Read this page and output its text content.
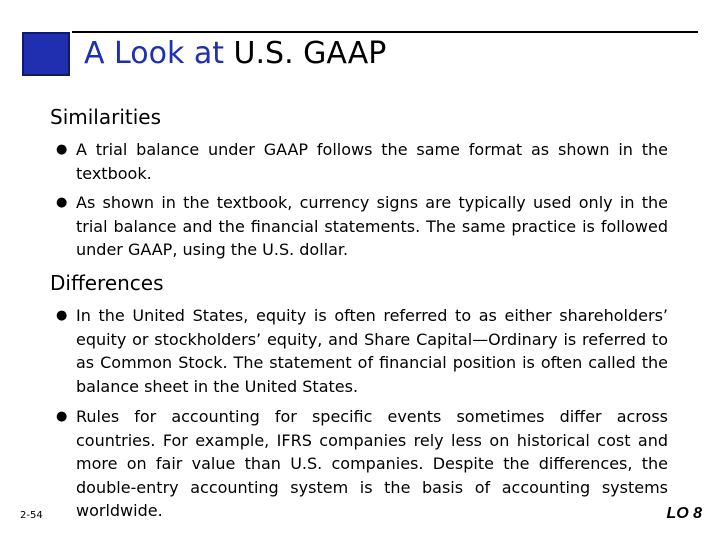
A Look at U.S. GAAP
Similarities
● A trial balance under GAAP follows the same format as shown in the textbook.
● As shown in the textbook, currency signs are typically used only in the trial balance and the financial statements. The same practice is followed under GAAP, using the U.S. dollar.
Differences
● In the United States, equity is often referred to as either shareholders’ equity or stockholders’ equity, and Share Capital—Ordinary is referred to as Common Stock. The statement of financial position is often called the balance sheet in the United States.
● Rules for accounting for specific events sometimes differ across countries. For example, IFRS companies rely less on historical cost and more on fair value than U.S. companies. Despite the differences, the double-entry accounting system is the basis of accounting systems worldwide.
2-54	LO 8
